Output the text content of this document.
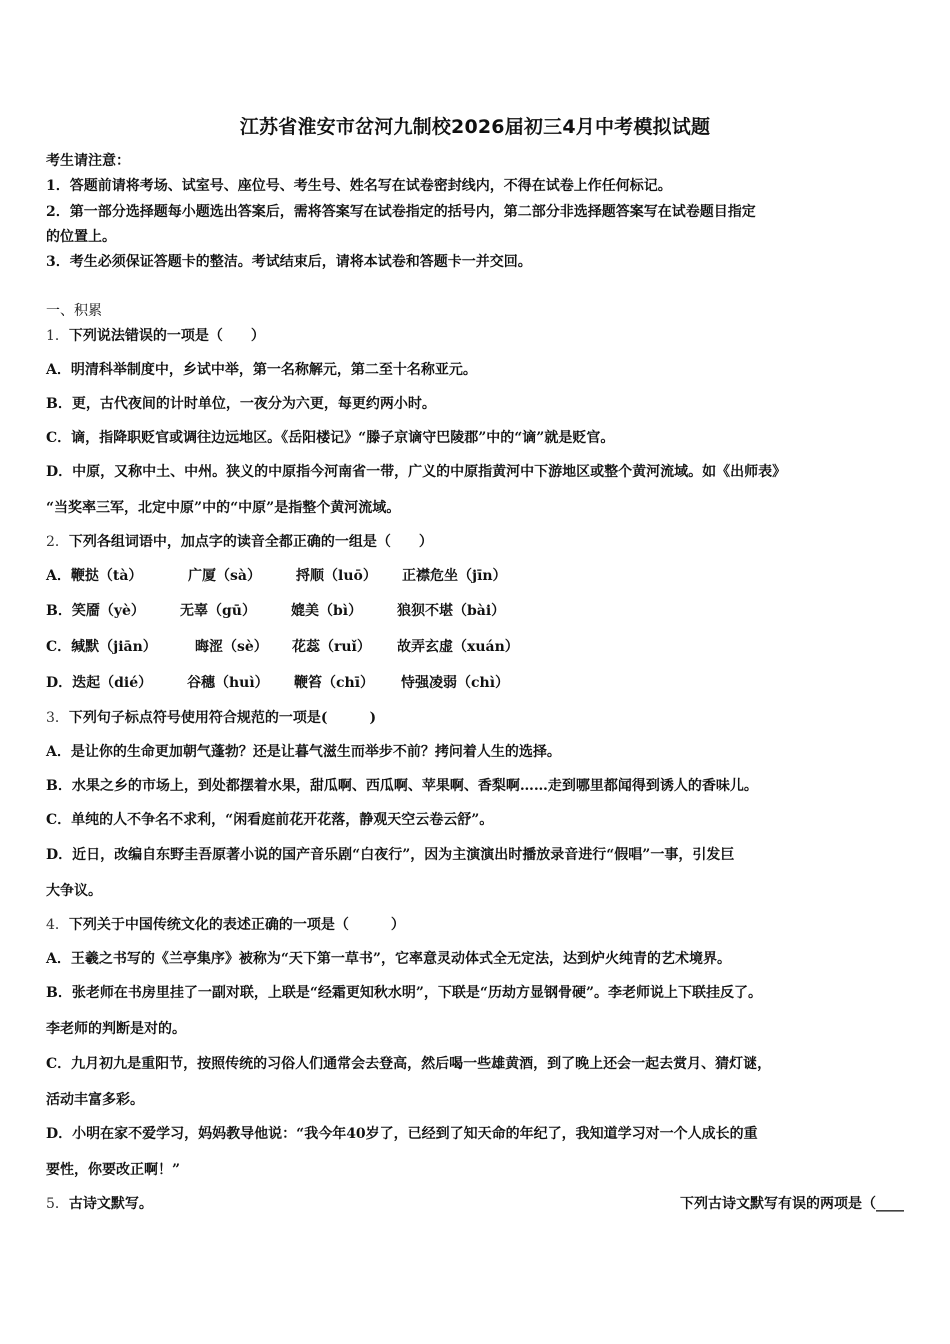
江苏省淮安市岔河九制校2026届初三4月中考模拟试题
考生请注意：
1．答题前请将考场、试室号、座位号、考生号、姓名写在试卷密封线内，不得在试卷上作任何标记。
2．第一部分选择题每小题选出答案后，需将答案写在试卷指定的括号内，第二部分非选择题答案写在试卷题目指定
的位置上。
3．考生必须保证答题卡的整洁。考试结束后，请将本试卷和答题卡一并交回。
一、积累
1．下列说法错误的一项是（　　）
A．明清科举制度中，乡试中举，第一名称解元，第二至十名称亚元。
B．更，古代夜间的计时单位，一夜分为六更，每更约两小时。
C．谪，指降职贬官或调往边远地区。《岳阳楼记》“滕子京谪守巴陵郡”中的“谪”就是贬官。
D．中原，又称中土、中州。狭义的中原指今河南省一带，广义的中原指黄河中下游地区或整个黄河流域。如《出师表》
“当奖率三军，北定中原”中的“中原”是指整个黄河流域。
2．下列各组词语中，加点字的读音全都正确的一组是（　　）
A．鞭挞（tà）	广厦（sà）	捋顺（luō） 正襟危坐（jīn）
B．笑靥（yè）	无辜（gū）	媲美（bì） 狼狈不堪（bài）
C．缄默（jiān）	晦涩（sè） 花蕊（ruǐ） 故弄玄虚（xuán）
D．迭起（dié） 谷穗（huì） 鞭笞（chī） 恃强凌弱（chì）
3．下列句子标点符号使用符合规范的一项是(　　　)
A．是让你的生命更加朝气蓬勃？还是让暮气滋生而举步不前？拷问着人生的选择。
B．水果之乡的市场上，到处都摆着水果，甜瓜啊、西瓜啊、苹果啊、香梨啊……走到哪里都闻得到诱人的香味儿。
C．单纯的人不争名不求利，“闲看庭前花开花落，静观天空云卷云舒”。
D．近日，改编自东野圭吾原著小说的国产音乐剧“白夜行”，因为主演演出时播放录音进行“假唱”一事，引发巨
大争议。
4．下列关于中国传统文化的表述正确的一项是（　　　）
A．王羲之书写的《兰亭集序》被称为“天下第一草书”，它率意灵动体式全无定法，达到炉火纯青的艺术境界。
B．张老师在书房里挂了一副对联，上联是“经霜更知秋水明”，下联是“历劫方显钢骨硬”。李老师说上下联挂反了。
李老师的判断是对的。
C．九月初九是重阳节，按照传统的习俗人们通常会去登高，然后喝一些雄黄酒，到了晚上还会一起去赏月、猜灯谜，
活动丰富多彩。
D．小明在家不爱学习，妈妈教导他说：“我今年40岁了，已经到了知天命的年纪了，我知道学习对一个人成长的重
要性，你要改正啊！”
5．古诗文默写。	下列古诗文默写有误的两项是（____
